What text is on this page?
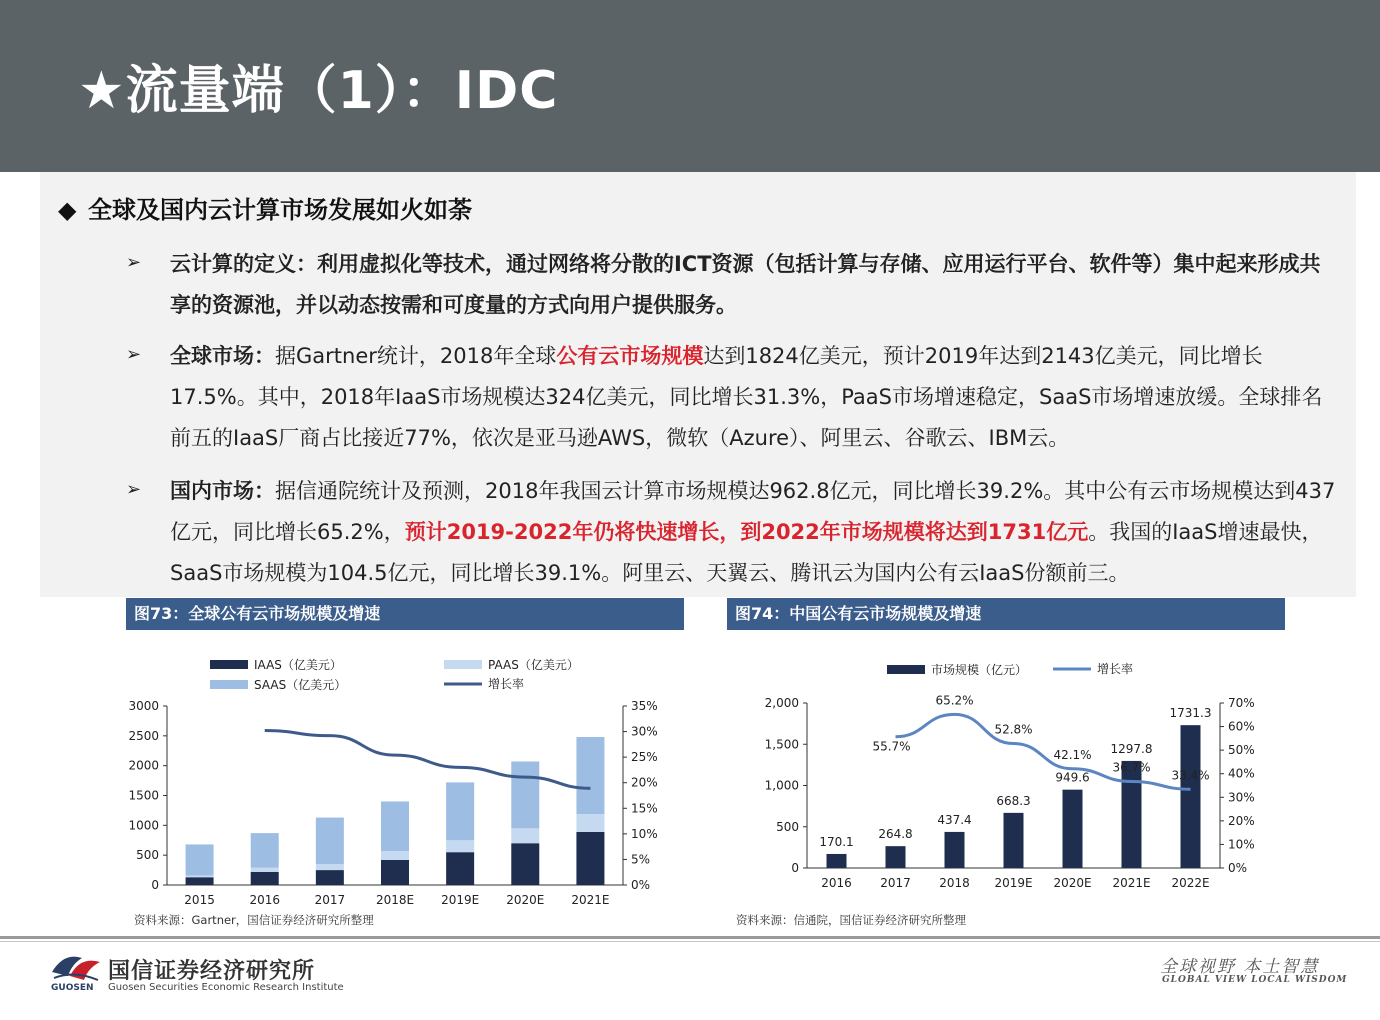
★流量端（1）：IDC
◆ 全球及国内云计算市场发展如火如荼
➢ 云计算的定义：利用虚拟化等技术，通过网络将分散的ICT资源（包括计算与存储、应用运行平台、软件等）集中起来形成共享的资源池，并以动态按需和可度量的方式向用户提供服务。
➢ 全球市场：据Gartner统计，2018年全球公有云市场规模达到1824亿美元，预计2019年达到2143亿美元，同比增长17.5%。其中，2018年IaaS市场规模达324亿美元，同比增长31.3%，PaaS市场增速稳定，SaaS市场增速放缓。全球排名前五的IaaS厂商占比接近77%，依次是亚马逊AWS，微软（Azure）、阿里云、谷歌云、IBM云。
➢ 国内市场：据信通院统计及预测，2018年我国云计算市场规模达962.8亿元，同比增长39.2%。其中公有云市场规模达到437亿元，同比增长65.2%，预计2019-2022年仍将快速增长，到2022年市场规模将达到1731亿元。我国的IaaS增速最快，SaaS市场规模为104.5亿元，同比增长39.1%。阿里云、天翼云、腾讯云为国内公有云IaaS份额前三。
图73：全球公有云市场规模及增速	图74：中国公有云市场规模及增速
0
500
1000
1500
2000
2500
3000
0%
5%
10%
15%
20%
25%
30%
35%
2015	2016	2017	2018E 2019E 2020E 2021E
IAAS（亿美元）	PAAS（亿美元）
SAAS（亿美元）	增长率
0
500
1,000
1,500
2,000
0%
10%
20%
30%
40%
50%
60%
70%
2016 2017 2018 2019E 2020E 2021E 2022E
170.1
264.8
437.4
668.3
949.6
1297.8
1731.3
55.7%
65.2%
52.8%
42.1%
36.7%
33.4%
市场规模（亿元）	增长率
资料来源：Gartner，国信证券经济研究所整理	资料来源：信通院，国信证券经济研究所整理
GUOSEN
国信证券经济研究所
Guosen Securities Economic Research Institute
全球视野 本土智慧
GLOBAL VIEW LOCAL WISDOM
